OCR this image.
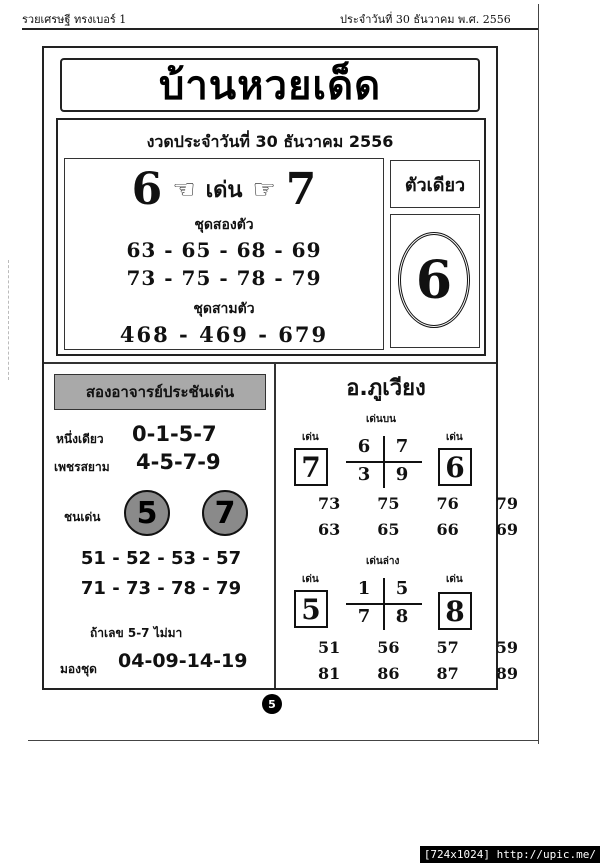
รวยเศรษฐี ทรงเบอร์ 1	ประจำวันที่ 30 ธันวาคม พ.ศ. 2556
บ้านหวยเด็ด
งวดประจำวันที่ 30 ธันวาคม 2556
6 ☜ เด่น ☞ 7
ชุดสองตัว
63 - 65 - 68 - 69
73 - 75 - 78 - 79
ชุดสามตัว
468 - 469 - 679
ตัวเดียว
6
สองอาจารย์ประชันเด่น
หนึ่งเดียว 0-1-5-7
เพชรสยาม 4-5-7-9
ชนเด่น	5	7
51 - 52 - 53 - 57
71 - 73 - 78 - 79
ถ้าเลข 5-7 ไม่มา
มองชุด 04-09-14-19
อ.ภูเวียง
เด่นบน
เด่น
7
เด่น
6
6 7
3 9
73 75 76 79
63 65 66 69
เด่นล่าง
เด่น
5
เด่น
8
1 5
7 8
51 56 57 59
81 86 87 89
5
[724x1024] http://upic.me/
